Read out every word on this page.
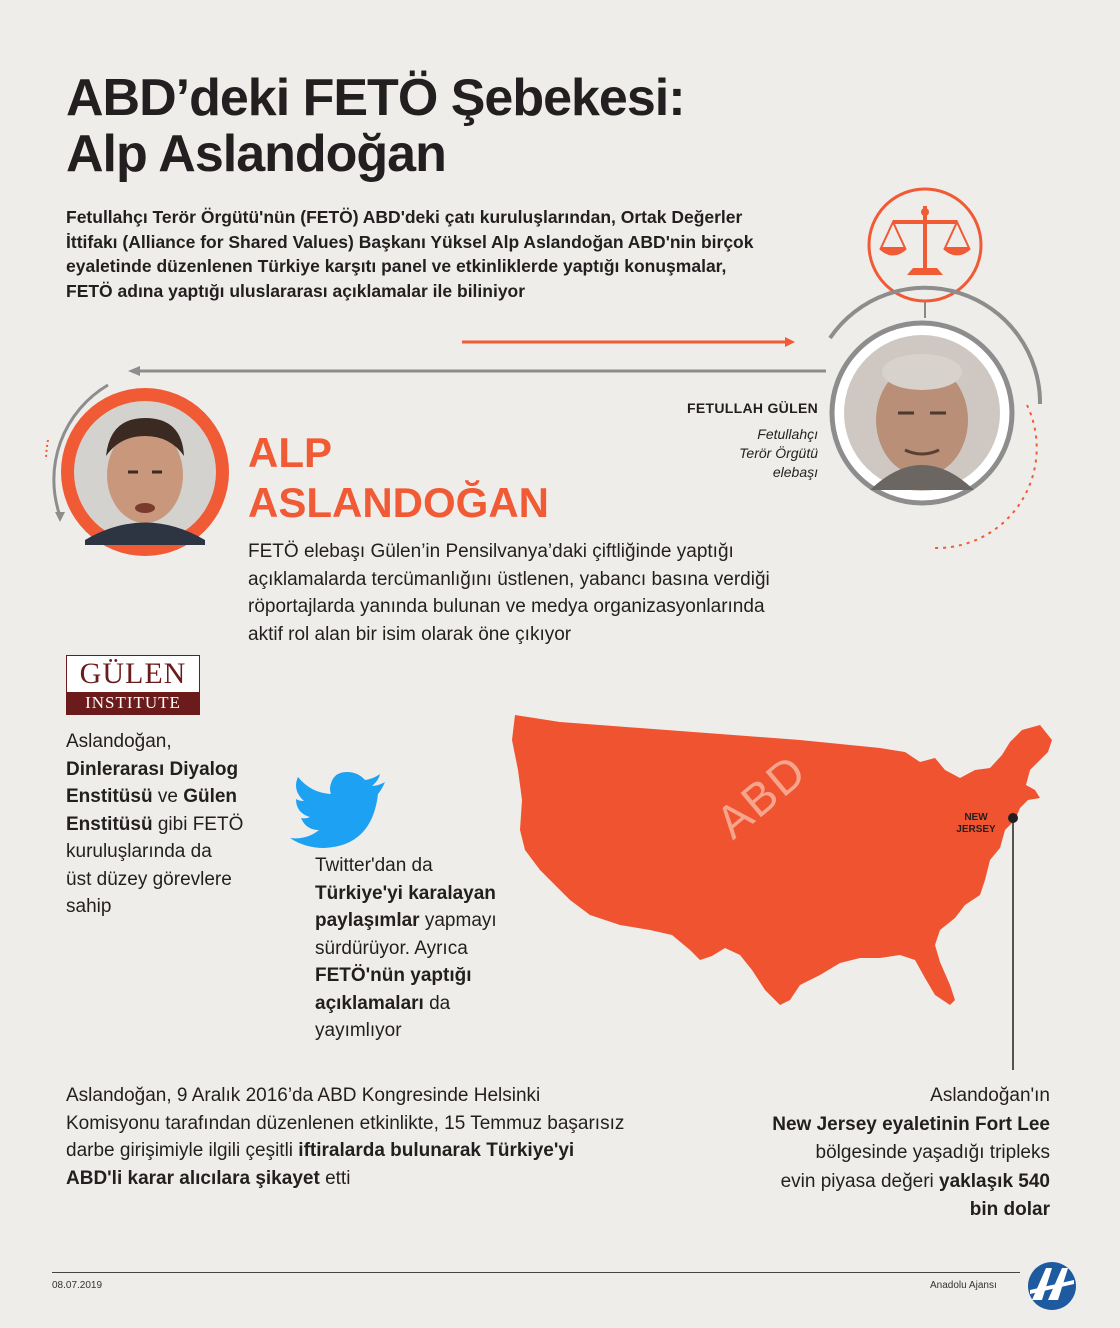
ABD’deki FETÖ Şebekesi:
Alp Aslandoğan
Fetullahçı Terör Örgütü'nün (FETÖ) ABD'deki çatı kuruluşlarından, Ortak Değerler
İttifakı (Alliance for Shared Values) Başkanı Yüksel Alp Aslandoğan ABD'nin birçok
eyaletinde düzenlenen Türkiye karşıtı panel ve etkinliklerde yaptığı konuşmalar,
FETÖ adına yaptığı uluslararası açıklamalar ile biliniyor
FETULLAH GÜLEN
Fetullahçı
Terör Örgütü
elebaşı
ALP
ASLANDOĞAN
FETÖ elebaşı Gülen’in Pensilvanya’daki çiftliğinde yaptığı
açıklamalarda tercümanlığını üstlenen, yabancı basına verdiği
röportajlarda yanında bulunan ve medya organizasyonlarında
aktif rol alan bir isim olarak öne çıkıyor
GÜLEN
INSTITUTE
Aslandoğan,
Dinlerarası Diyalog
Enstitüsü ve Gülen
Enstitüsü gibi FETÖ
kuruluşlarında da
üst düzey görevlere
sahip
Twitter'dan da
Türkiye'yi karalayan
paylaşımlar yapmayı
sürdürüyor. Ayrıca
FETÖ'nün yaptığı
açıklamaları da
yayımlıyor
ABD	NEW
JERSEY
Aslandoğan, 9 Aralık 2016’da ABD Kongresinde Helsinki
Komisyonu tarafından düzenlenen etkinlikte, 15 Temmuz başarısız
darbe girişimiyle ilgili çeşitli iftiralarda bulunarak Türkiye'yi
ABD'li karar alıcılara şikayet etti
Aslandoğan'ın
New Jersey eyaletinin Fort Lee
bölgesinde yaşadığı tripleks
evin piyasa değeri yaklaşık 540
bin dolar
08.07.2019	Anadolu Ajansı
